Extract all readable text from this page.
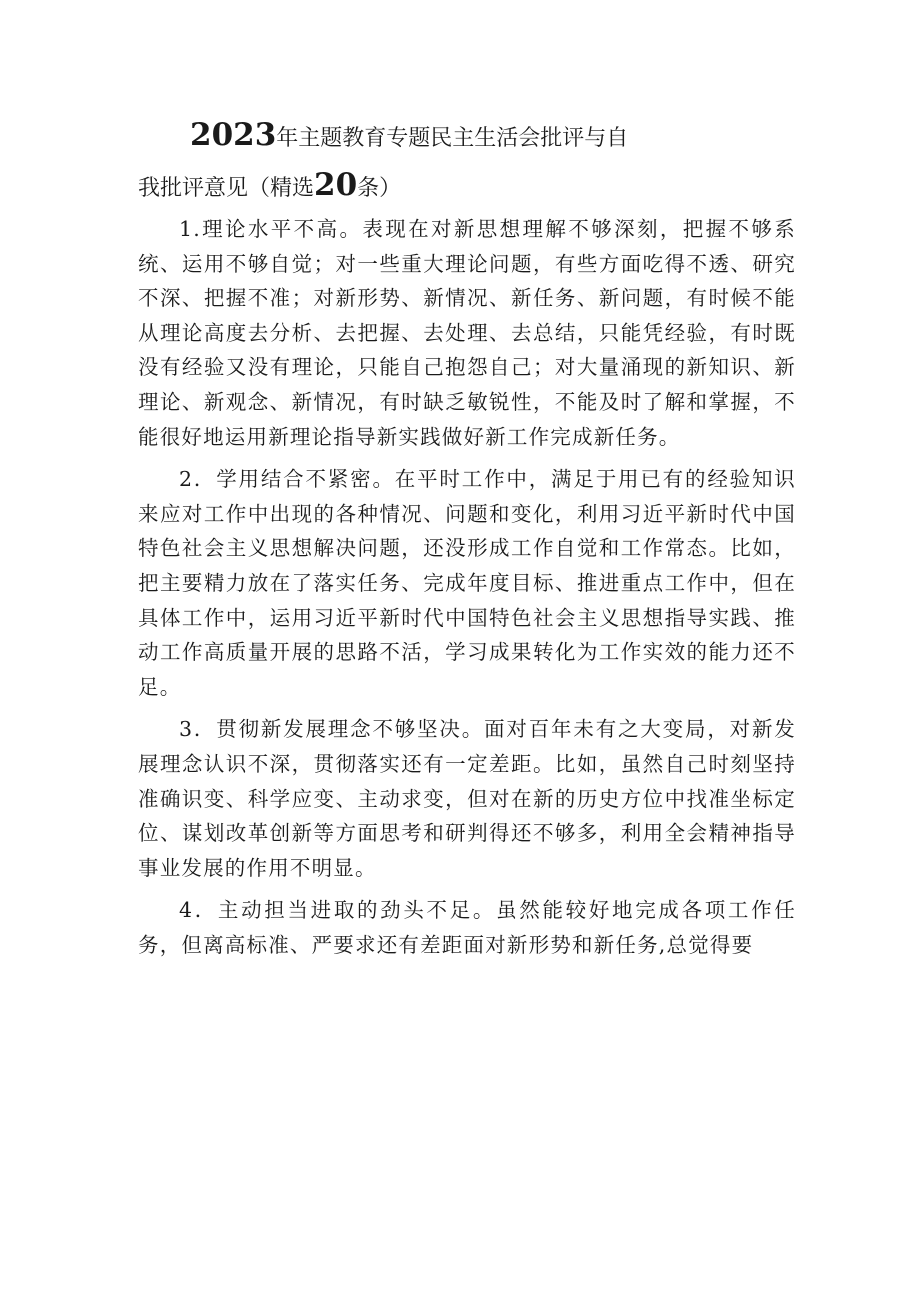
2023年主题教育专题民主生活会批评与自
我批评意见（精选20条）

1.理论水平不高。表现在对新思想理解不够深刻，把握不够系统、运用不够自觉；对一些重大理论问题，有些方面吃得不透、研究不深、把握不准；对新形势、新情况、新任务、新问题，有时候不能从理论高度去分析、去把握、去处理、去总结，只能凭经验，有时既没有经验又没有理论，只能自己抱怨自己；对大量涌现的新知识、新理论、新观念、新情况，有时缺乏敏锐性，不能及时了解和掌握，不能很好地运用新理论指导新实践做好新工作完成新任务。

2．学用结合不紧密。在平时工作中，满足于用已有的经验知识来应对工作中出现的各种情况、问题和变化，利用习近平新时代中国特色社会主义思想解决问题，还没形成工作自觉和工作常态。比如，把主要精力放在了落实任务、完成年度目标、推进重点工作中，但在具体工作中，运用习近平新时代中国特色社会主义思想指导实践、推动工作高质量开展的思路不活，学习成果转化为工作实效的能力还不足。

3．贯彻新发展理念不够坚决。面对百年未有之大变局，对新发展理念认识不深，贯彻落实还有一定差距。比如，虽然自己时刻坚持准确识变、科学应变、主动求变，但对在新的历史方位中找准坐标定位、谋划改革创新等方面思考和研判得还不够多，利用全会精神指导事业发展的作用不明显。

4．主动担当进取的劲头不足。虽然能较好地完成各项工作任务，但离高标准、严要求还有差距面对新形势和新任务,总觉得要
